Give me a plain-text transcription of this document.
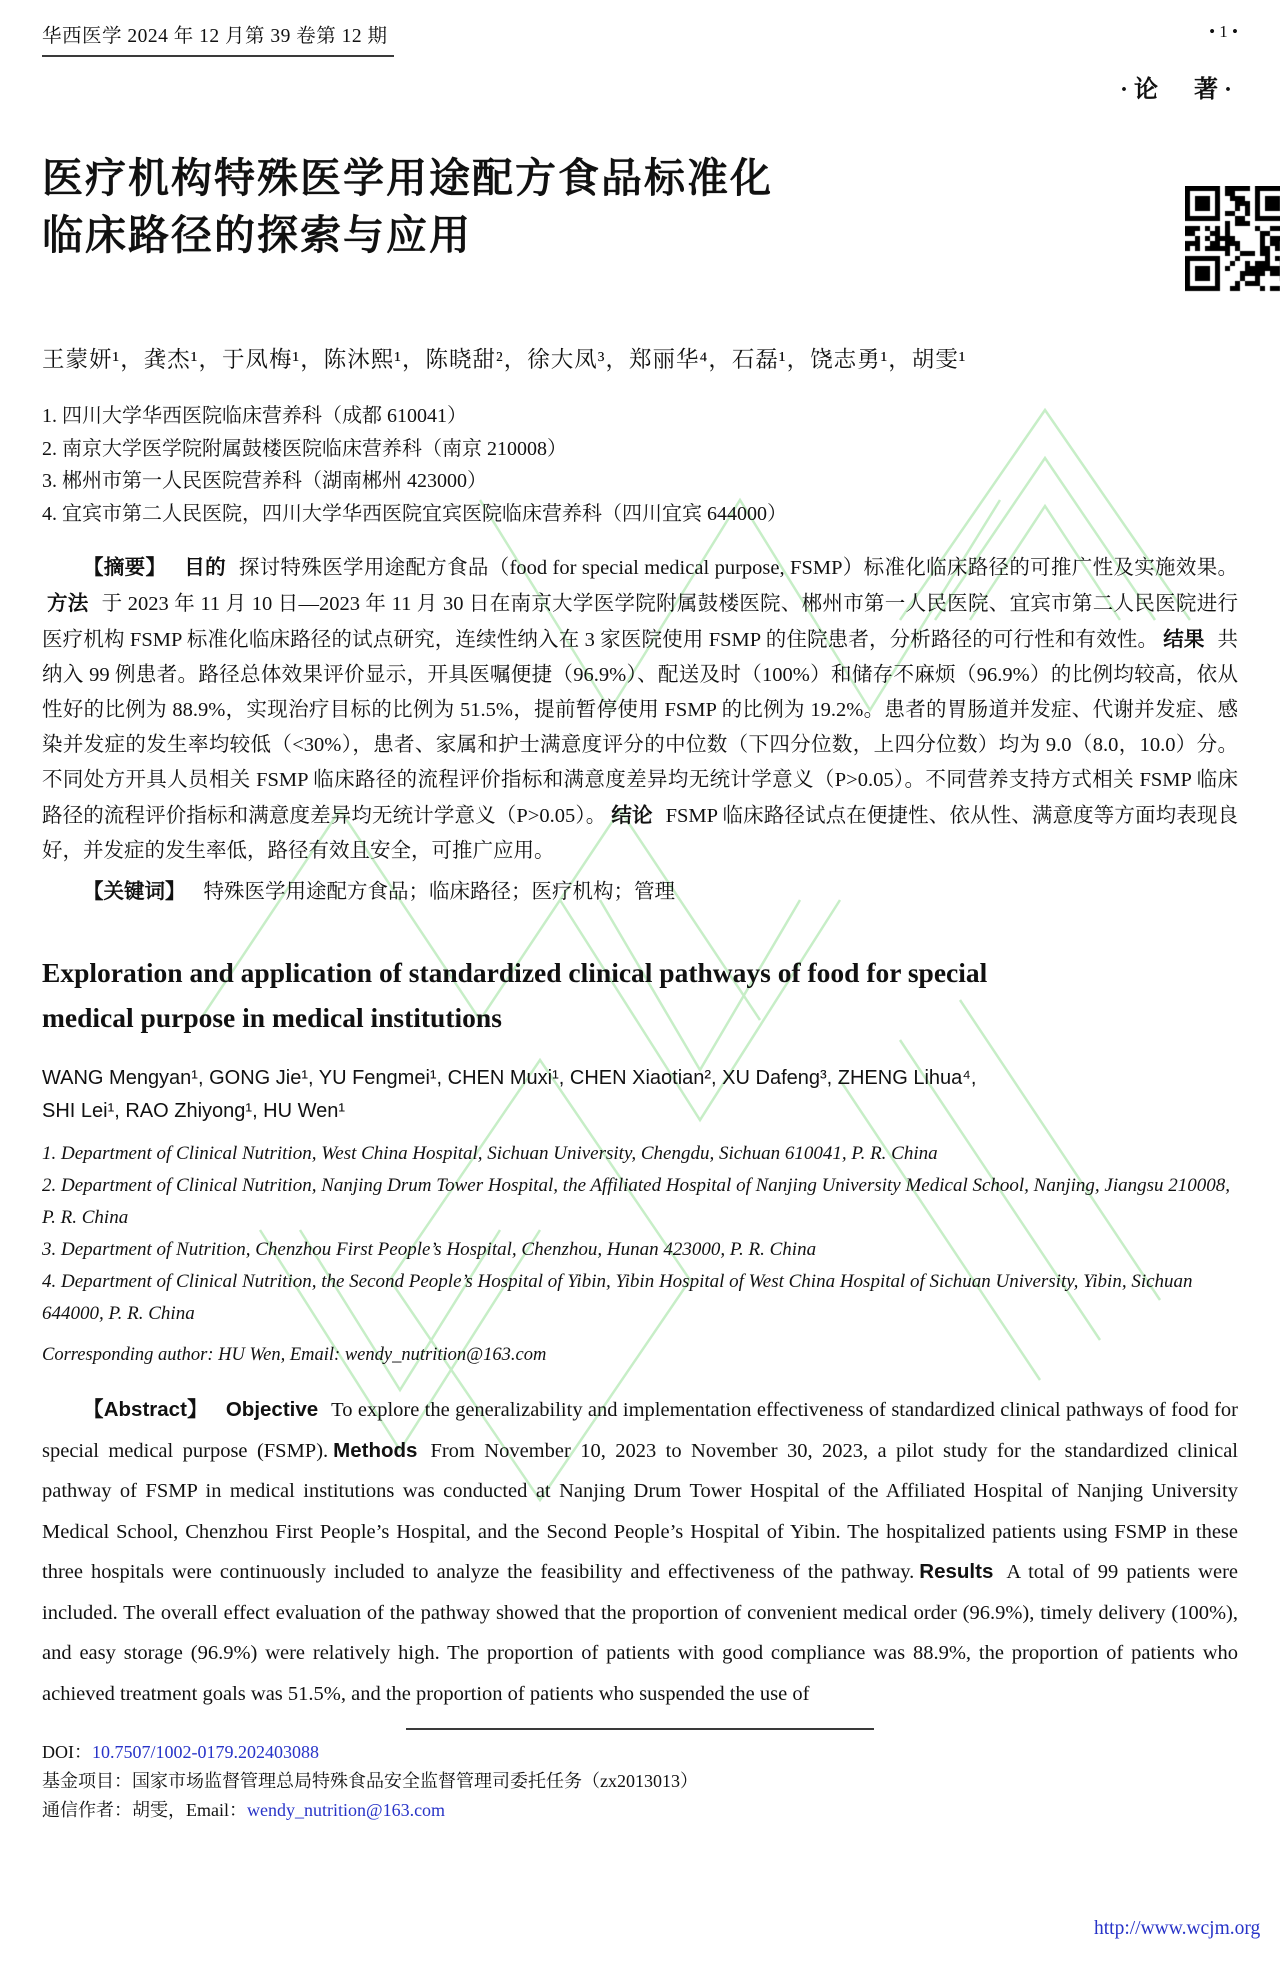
华西医学 2024 年 12 月第 39 卷第 12 期	• 1 •
·论　著·
医疗机构特殊医学用途配方食品标准化
临床路径的探索与应用
王蒙妍¹，龚杰¹，于凤梅¹，陈沐熙¹，陈晓甜²，徐大凤³，郑丽华⁴，石磊¹，饶志勇¹，胡雯¹
1. 四川大学华西医院临床营养科（成都 610041）
2. 南京大学医学院附属鼓楼医院临床营养科（南京 210008）
3. 郴州市第一人民医院营养科（湖南郴州 423000）
4. 宜宾市第二人民医院，四川大学华西医院宜宾医院临床营养科（四川宜宾 644000）

【摘要】 目的 探讨特殊医学用途配方食品（food for special medical purpose, FSMP）标准化临床路径的可推广性及实施效果。方法 于 2023 年 11 月 10 日—2023 年 11 月 30 日在南京大学医学院附属鼓楼医院、郴州市第一人民医院、宜宾市第二人民医院进行医疗机构 FSMP 标准化临床路径的试点研究，连续性纳入在 3 家医院使用 FSMP 的住院患者，分析路径的可行性和有效性。 结果 共纳入 99 例患者。路径总体效果评价显示，开具医嘱便捷（96.9%）、配送及时（100%）和储存不麻烦（96.9%）的比例均较高，依从性好的比例为 88.9%，实现治疗目标的比例为 51.5%，提前暂停使用 FSMP 的比例为 19.2%。患者的胃肠道并发症、代谢并发症、感染并发症的发生率均较低（<30%），患者、家属和护士满意度评分的中位数（下四分位数，上四分位数）均为 9.0（8.0，10.0）分。不同处方开具人员相关 FSMP 临床路径的流程评价指标和满意度差异均无统计学意义（P>0.05）。不同营养支持方式相关 FSMP 临床路径的流程评价指标和满意度差异均无统计学意义（P>0.05）。 结论 FSMP 临床路径试点在便捷性、依从性、满意度等方面均表现良好，并发症的发生率低，路径有效且安全，可推广应用。

【关键词】 特殊医学用途配方食品；临床路径；医疗机构；管理

Exploration and application of standardized clinical pathways of food for special
medical purpose in medical institutions
WANG Mengyan¹, GONG Jie¹, YU Fengmei¹, CHEN Muxi¹, CHEN Xiaotian², XU Dafeng³, ZHENG Lihua⁴,
SHI Lei¹, RAO Zhiyong¹, HU Wen¹
1. Department of Clinical Nutrition, West China Hospital, Sichuan University, Chengdu, Sichuan 610041, P. R. China
2. Department of Clinical Nutrition, Nanjing Drum Tower Hospital, the Affiliated Hospital of Nanjing University Medical School, Nanjing, Jiangsu 210008, P. R. China
3. Department of Nutrition, Chenzhou First People’s Hospital, Chenzhou, Hunan 423000, P. R. China
4. Department of Clinical Nutrition, the Second People’s Hospital of Yibin, Yibin Hospital of West China Hospital of Sichuan University, Yibin, Sichuan 644000, P. R. China
Corresponding author: HU Wen, Email: wendy_nutrition@163.com

【Abstract】 Objective To explore the generalizability and implementation effectiveness of standardized clinical pathways of food for special medical purpose (FSMP). Methods From November 10, 2023 to November 30, 2023, a pilot study for the standardized clinical pathway of FSMP in medical institutions was conducted at Nanjing Drum Tower Hospital of the Affiliated Hospital of Nanjing University Medical School, Chenzhou First People’s Hospital, and the Second People’s Hospital of Yibin. The hospitalized patients using FSMP in these three hospitals were continuously included to analyze the feasibility and effectiveness of the pathway. Results A total of 99 patients were included. The overall effect evaluation of the pathway showed that the proportion of convenient medical order (96.9%), timely delivery (100%), and easy storage (96.9%) were relatively high. The proportion of patients with good compliance was 88.9%, the proportion of patients who achieved treatment goals was 51.5%, and the proportion of patients who suspended the use of

DOI：10.7507/1002-0179.202403088
基金项目：国家市场监督管理总局特殊食品安全监督管理司委托任务（zx2013013）
通信作者：胡雯，Email：wendy_nutrition@163.com
http://www.wcjm.org
